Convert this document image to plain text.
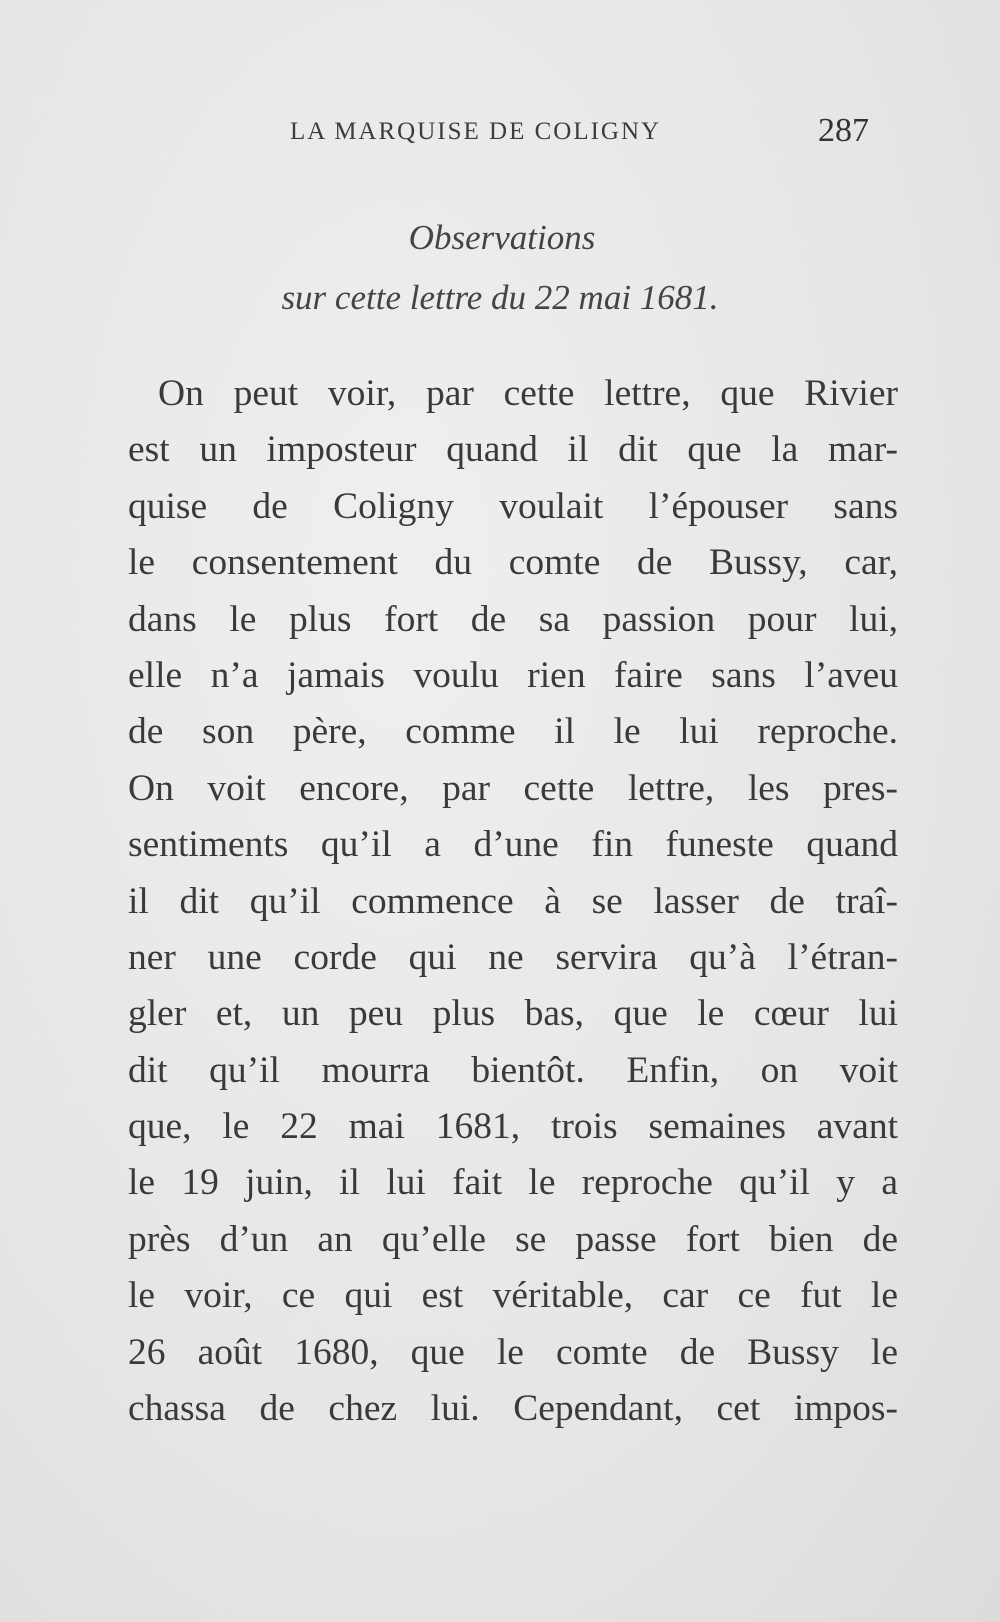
LA MARQUISE DE COLIGNY	287
Observations
sur cette lettre du 22 mai 1681.
On peut voir, par cette lettre, que Rivier
est un imposteur quand il dit que la mar-
quise de Coligny voulait l’épouser sans
le consentement du comte de Bussy, car,
dans le plus fort de sa passion pour lui,
elle n’a jamais voulu rien faire sans l’aveu
de son père, comme il le lui reproche.
On voit encore, par cette lettre, les pres-
sentiments qu’il a d’une fin funeste quand
il dit qu’il commence à se lasser de traî-
ner une corde qui ne servira qu’à l’étran-
gler et, un peu plus bas, que le cœur lui
dit qu’il mourra bientôt. Enfin, on voit
que, le 22 mai 1681, trois semaines avant
le 19 juin, il lui fait le reproche qu’il y a
près d’un an qu’elle se passe fort bien de
le voir, ce qui est véritable, car ce fut le
26 août 1680, que le comte de Bussy le
chassa de chez lui. Cependant, cet impos-
